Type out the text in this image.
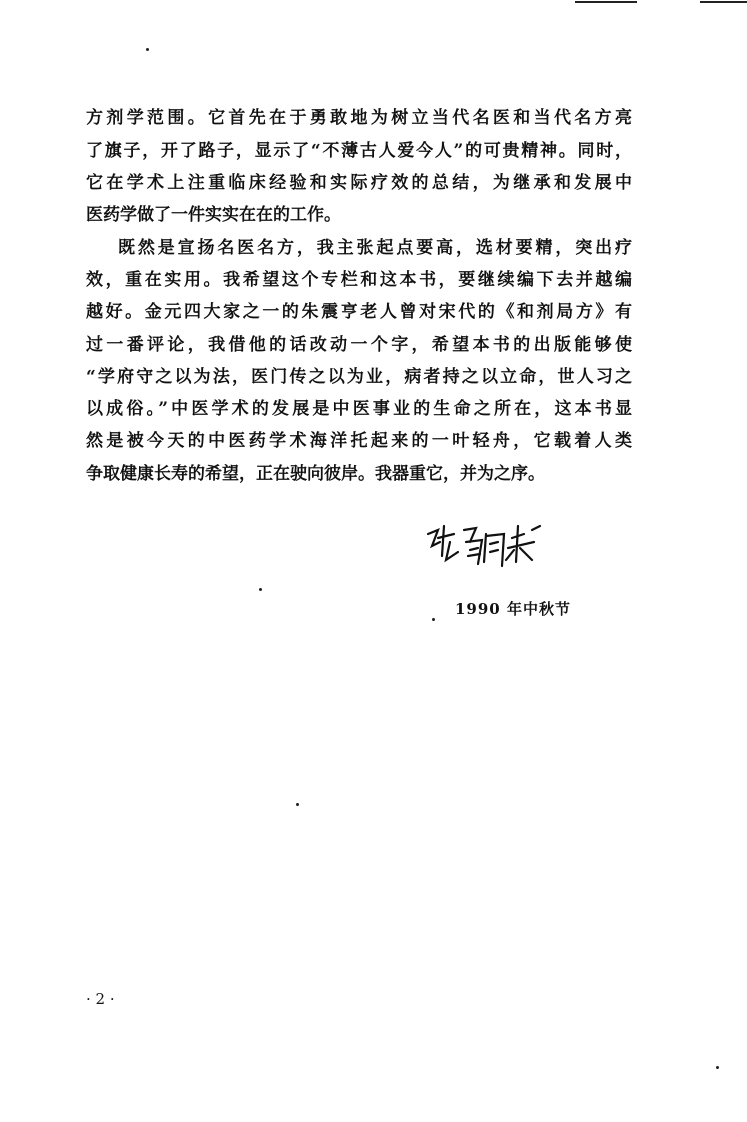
方剂学范围。它首先在于勇敢地为树立当代名医和当代名方亮
了旗子，开了路子，显示了“不薄古人爱今人”的可贵精神。同时，
它在学术上注重临床经验和实际疗效的总结，为继承和发展中
医药学做了一件实实在在的工作。
既然是宣扬名医名方，我主张起点要高，选材要精，突出疗
效，重在实用。我希望这个专栏和这本书，要继续编下去并越编
越好。金元四大家之一的朱震亨老人曾对宋代的《和剂局方》有
过一番评论，我借他的话改动一个字，希望本书的出版能够使
“学府守之以为法，医门传之以为业，病者持之以立命，世人习之
以成俗。”中医学术的发展是中医事业的生命之所在，这本书显
然是被今天的中医药学术海洋托起来的一叶轻舟，它载着人类
争取健康长寿的希望，正在驶向彼岸。我器重它，并为之序。
1990 年中秋节
· 2 ·
